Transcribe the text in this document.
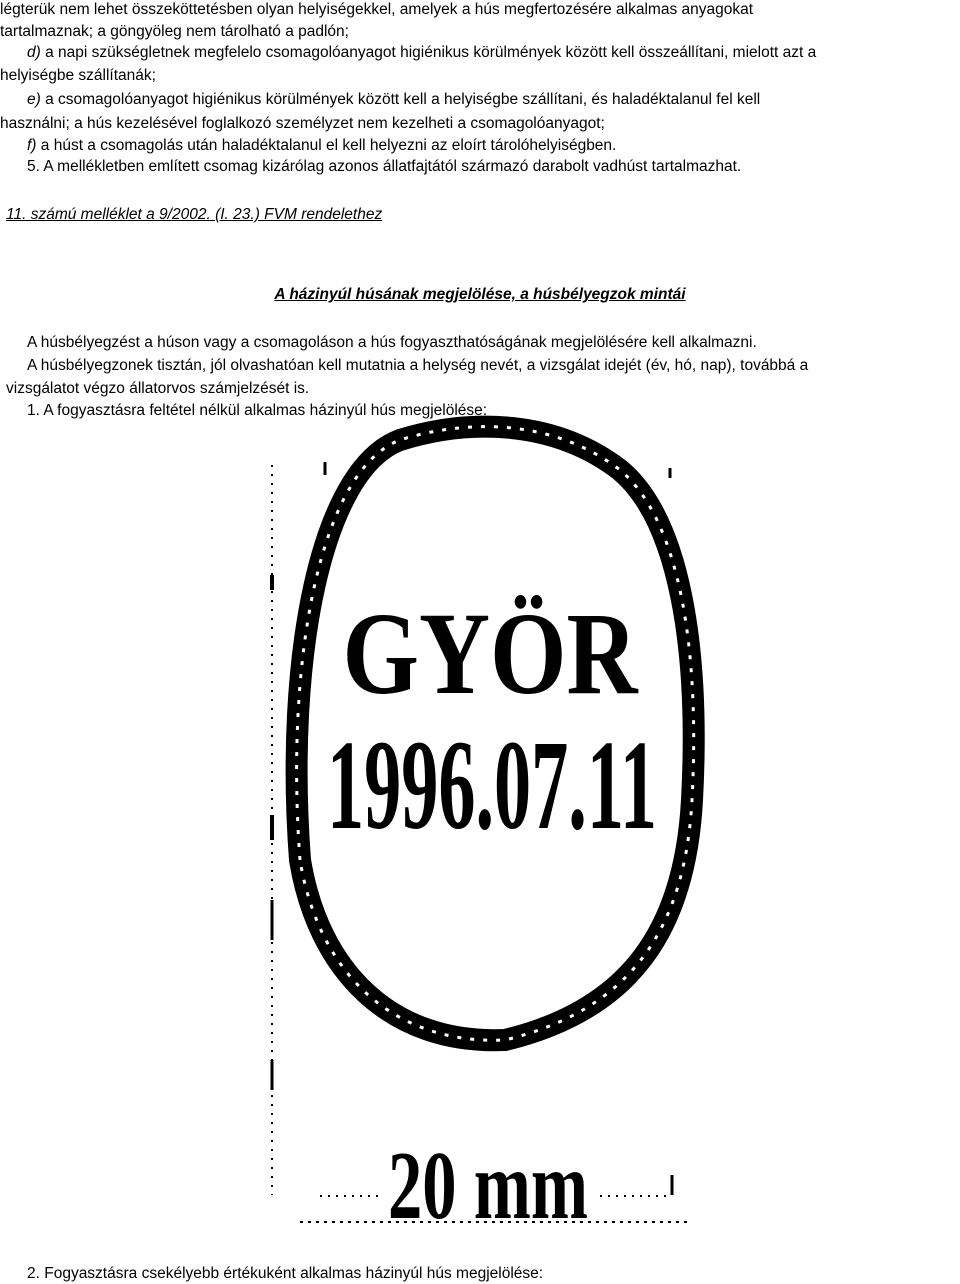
légterük nem lehet összeköttetésben olyan helyiségekkel, amelyek a hús megfertozésére alkalmas anyagokat
tartalmaznak; a göngyöleg nem tárolható a padlón;
d) a napi szükségletnek megfelelo csomagolóanyagot higiénikus körülmények között kell összeállítani, mielott azt a
helyiségbe szállítanák;
e) a csomagolóanyagot higiénikus körülmények között kell a helyiségbe szállítani, és haladéktalanul fel kell
használni; a hús kezelésével foglalkozó személyzet nem kezelheti a csomagolóanyagot;
f) a húst a csomagolás után haladéktalanul el kell helyezni az eloírt tárolóhelyiségben.
5. A mellékletben említett csomag kizárólag azonos állatfajtától származó darabolt vadhúst tartalmazhat.
11. számú melléklet a 9/2002. (I. 23.) FVM rendelethez
A házinyúl húsának megjelölése, a húsbélyegzok mintái
A húsbélyegzést a húson vagy a csomagoláson a hús fogyaszthatóságának megjelölésére kell alkalmazni.
A húsbélyegzonek tisztán, jól olvashatóan kell mutatnia a helység nevét, a vizsgálat idejét (év, hó, nap), továbbá a
vizsgálatot végzo állatorvos számjelzését is.
1. A fogyasztásra feltétel nélkül alkalmas házinyúl hús megjelölése:
GYÖR
1996.07.11
20 mm
2. Fogyasztásra csekélyebb értékuként alkalmas házinyúl hús megjelölése:
